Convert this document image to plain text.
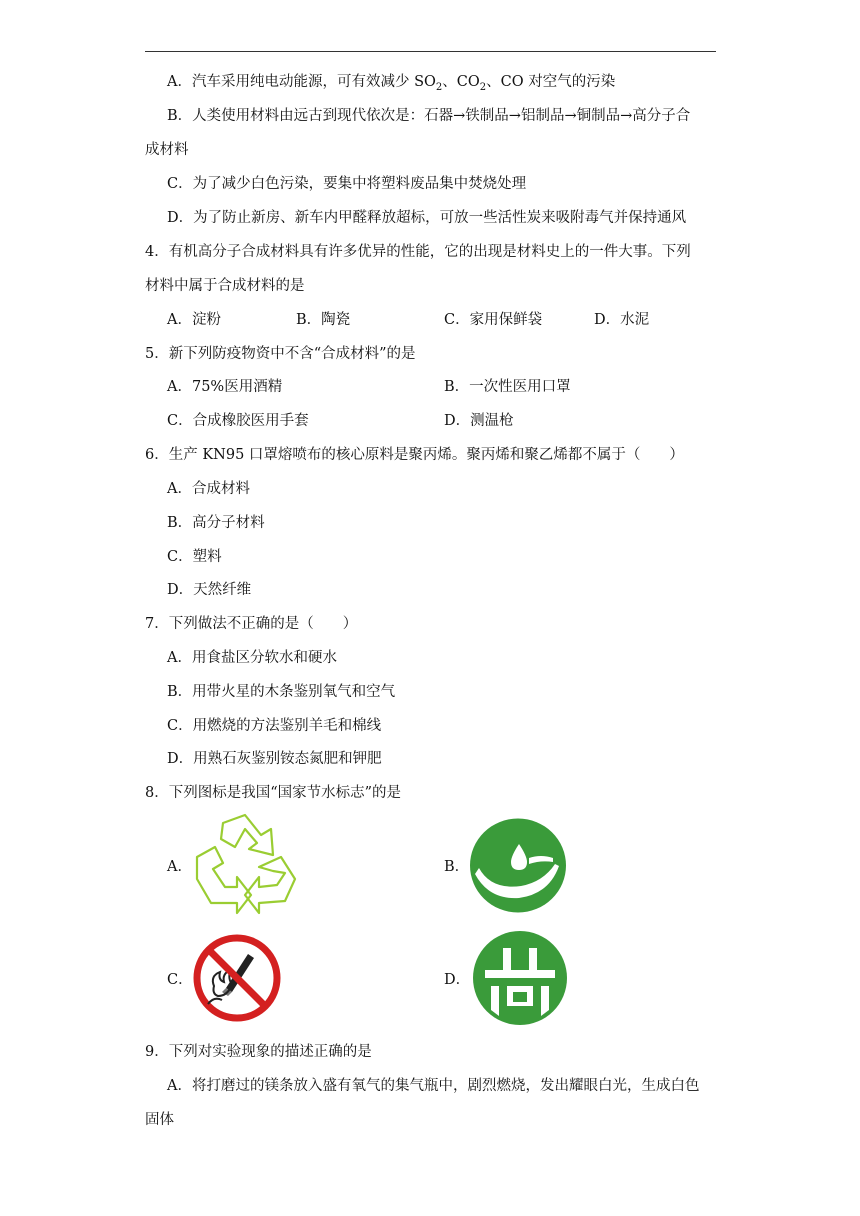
A．汽车采用纯电动能源，可有效减少 $SO_2$、$CO_2$、CO 对空气的污染
B．人类使用材料由远古到现代依次是：石器→铁制品→铝制品→铜制品→高分子合
成材料
C．为了减少白色污染，要集中将塑料废品集中焚烧处理
D．为了防止新房、新车内甲醛释放超标，可放一些活性炭来吸附毒气并保持通风
4．有机高分子合成材料具有许多优异的性能，它的出现是材料史上的一件大事。下列
材料中属于合成材料的是
A．淀粉	B．陶瓷	C．家用保鲜袋	D．水泥
5．新下列防疫物资中不含“合成材料”的是
A．75%医用酒精	B．一次性医用口罩
C．合成橡胶医用手套	D．测温枪
6．生产 KN95 口罩熔喷布的核心原料是聚丙烯。聚丙烯和聚乙烯都不属于（　　）
A．合成材料
B．高分子材料
C．塑料
D．天然纤维
7．下列做法不正确的是（　　）
A．用食盐区分软水和硬水
B．用带火星的木条鉴别氧气和空气
C．用燃烧的方法鉴别羊毛和棉线
D．用熟石灰鉴别铵态氮肥和钾肥
8．下列图标是我国“国家节水标志”的是
A．	B．
C．	D．
9．下列对实验现象的描述正确的是
A．将打磨过的镁条放入盛有氧气的集气瓶中，剧烈燃烧，发出耀眼白光，生成白色
固体
